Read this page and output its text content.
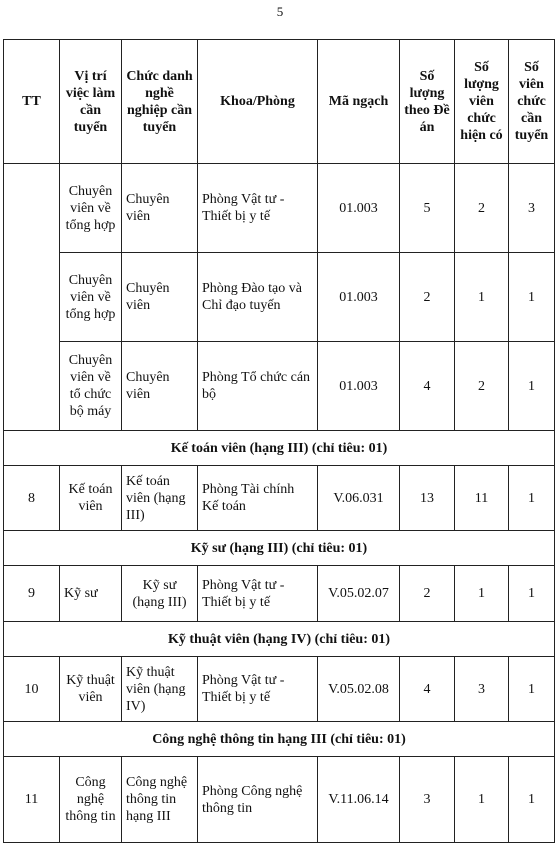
5
TT	Vị trí việc làm cần tuyển	Chức danh nghề nghiệp cần tuyển	Khoa/Phòng	Mã ngạch	Số lượng theo Đề án	Số lượng viên chức hiện có	Số viên chức cần tuyển
	Chuyên viên về tổng hợp	Chuyên viên	Phòng Vật tư - Thiết bị y tế	01.003	5	2	3
	Chuyên viên về tổng hợp	Chuyên viên	Phòng Đào tạo và Chỉ đạo tuyến	01.003	2	1	1
	Chuyên viên về tổ chức bộ máy	Chuyên viên	Phòng Tổ chức cán bộ	01.003	4	2	1
Kế toán viên (hạng III) (chỉ tiêu: 01)							
8	Kế toán viên	Kế toán viên (hạng III)	Phòng Tài chính Kế toán	V.06.031	13	11	1
Kỹ sư (hạng III) (chỉ tiêu: 01)							
9	Kỹ sư	Kỹ sư (hạng III)	Phòng Vật tư - Thiết bị y tế	V.05.02.07	2	1	1
Kỹ thuật viên (hạng IV) (chỉ tiêu: 01)							
10	Kỹ thuật viên	Kỹ thuật viên (hạng IV)	Phòng Vật tư - Thiết bị y tế	V.05.02.08	4	3	1
Công nghệ thông tin hạng III (chỉ tiêu: 01)							
11	Công nghệ thông tin	Công nghệ thông tin hạng III	Phòng Công nghệ thông tin	V.11.06.14	3	1	1
